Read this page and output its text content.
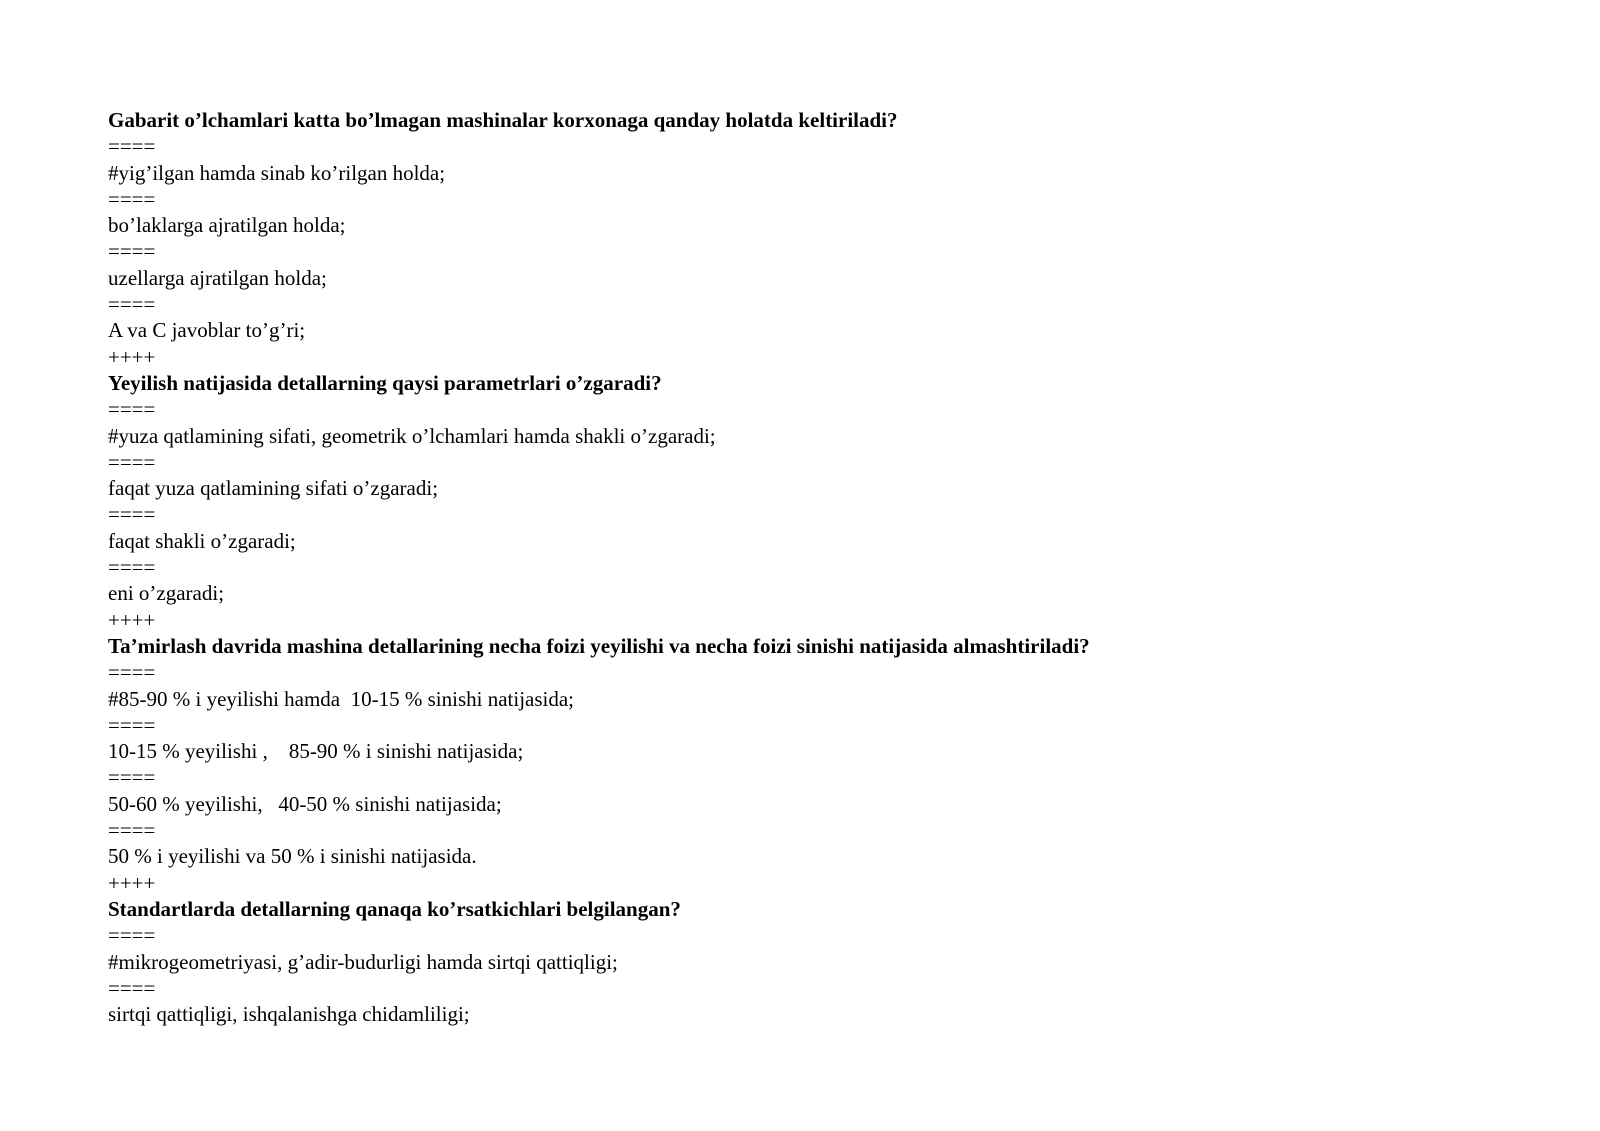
Gabarit o’lchamlari katta bo’lmagan mashinalar korxonaga qanday holatda keltiriladi?
====
#yig’ilgan hamda sinab ko’rilgan holda;
====
bo’laklarga ajratilgan holda;
====
uzellarga ajratilgan holda;
====
A va C javoblar to’g’ri;
++++
Yeyilish natijasida detallarning qaysi parametrlari o’zgaradi?
====
#yuza qatlamining sifati, geometrik o’lchamlari hamda shakli o’zgaradi;
====
faqat yuza qatlamining sifati o’zgaradi;
====
faqat shakli o’zgaradi;
====
eni o’zgaradi;
++++
Ta’mirlash davrida mashina detallarining necha foizi yeyilishi va necha foizi sinishi natijasida almashtiriladi?
====
#85-90 % i yeyilishi hamda  10-15 % sinishi natijasida;
====
10-15 % yeyilishi ,    85-90 % i sinishi natijasida;
====
50-60 % yeyilishi,   40-50 % sinishi natijasida;
====
50 % i yeyilishi va 50 % i sinishi natijasida.
++++
Standartlarda detallarning qanaqa ko’rsatkichlari belgilangan?
====
#mikrogeometriyasi, g’adir-budurligi hamda sirtqi qattiqligi;
====
sirtqi qattiqligi, ishqalanishga chidamliligi;
